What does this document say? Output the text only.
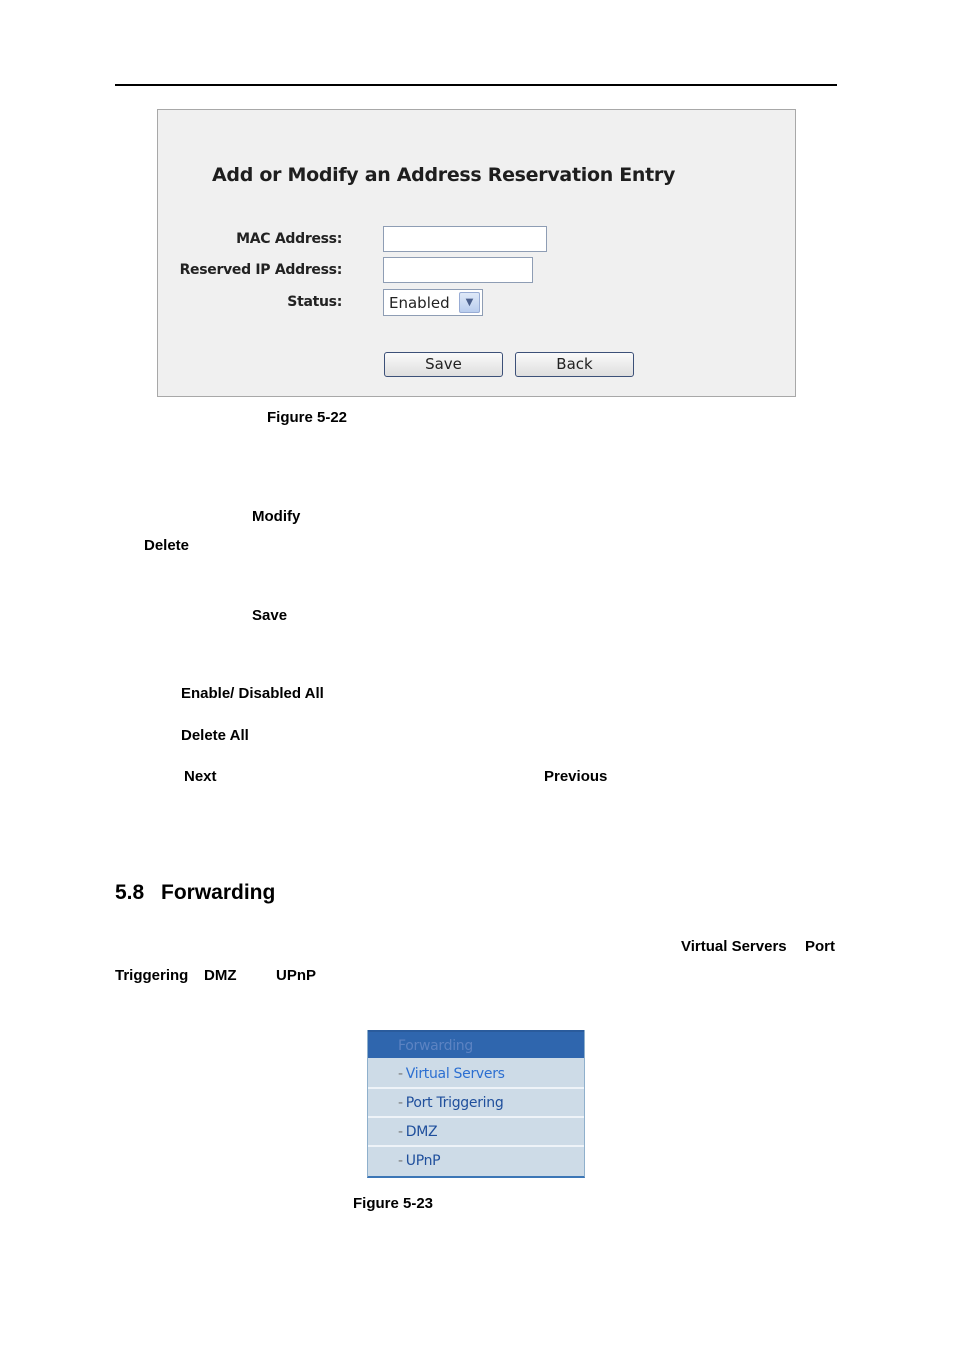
Add or Modify an Address Reservation Entry
MAC Address:
Reserved IP Address:
Status:	Enabled	▼
Save	Back
Figure 5-22
Modify
Delete
Save
Enable/ Disabled All
Delete All
Next	Previous
5.8 Forwarding
Virtual Servers Port
Triggering DMZ	UPnP
Forwarding
- Virtual Servers
- Port Triggering
- DMZ
- UPnP
Figure 5-23
